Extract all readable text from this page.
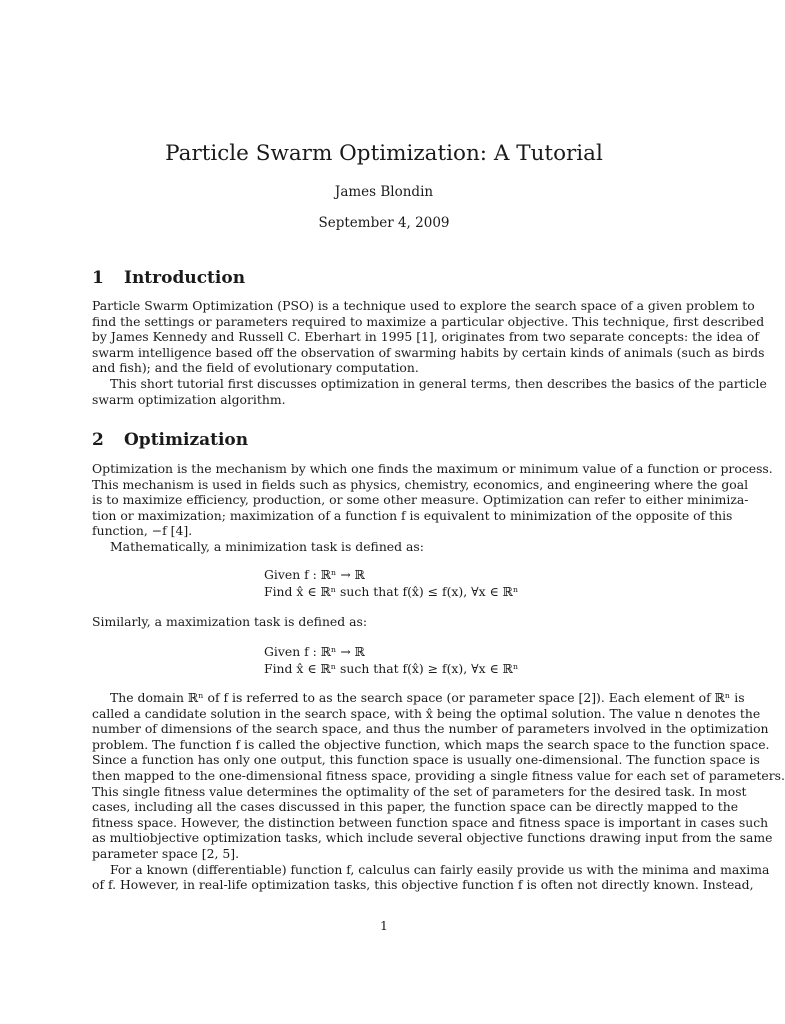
Particle Swarm Optimization: A Tutorial
James Blondin
September 4, 2009
1 Introduction
Particle Swarm Optimization (PSO) is a technique used to explore the search space of a given problem to
find the settings or parameters required to maximize a particular objective. This technique, first described
by James Kennedy and Russell C. Eberhart in 1995 [1], originates from two separate concepts: the idea of
swarm intelligence based off the observation of swarming habits by certain kinds of animals (such as birds
and fish); and the field of evolutionary computation.
This short tutorial first discusses optimization in general terms, then describes the basics of the particle
swarm optimization algorithm.
2 Optimization
Optimization is the mechanism by which one finds the maximum or minimum value of a function or process.
This mechanism is used in fields such as physics, chemistry, economics, and engineering where the goal
is to maximize efficiency, production, or some other measure. Optimization can refer to either minimiza-
tion or maximization; maximization of a function f is equivalent to minimization of the opposite of this
function, −f [4].
Mathematically, a minimization task is defined as:
Given f : ℝⁿ → ℝ
Find x̂ ∈ ℝⁿ such that f(x̂) ≤ f(x), ∀x ∈ ℝⁿ
Similarly, a maximization task is defined as:
Given f : ℝⁿ → ℝ
Find x̂ ∈ ℝⁿ such that f(x̂) ≥ f(x), ∀x ∈ ℝⁿ
The domain ℝⁿ of f is referred to as the search space (or parameter space [2]). Each element of ℝⁿ is
called a candidate solution in the search space, with x̂ being the optimal solution. The value n denotes the
number of dimensions of the search space, and thus the number of parameters involved in the optimization
problem. The function f is called the objective function, which maps the search space to the function space.
Since a function has only one output, this function space is usually one-dimensional. The function space is
then mapped to the one-dimensional fitness space, providing a single fitness value for each set of parameters.
This single fitness value determines the optimality of the set of parameters for the desired task. In most
cases, including all the cases discussed in this paper, the function space can be directly mapped to the
fitness space. However, the distinction between function space and fitness space is important in cases such
as multiobjective optimization tasks, which include several objective functions drawing input from the same
parameter space [2, 5].
For a known (differentiable) function f, calculus can fairly easily provide us with the minima and maxima
of f. However, in real-life optimization tasks, this objective function f is often not directly known. Instead,
1
